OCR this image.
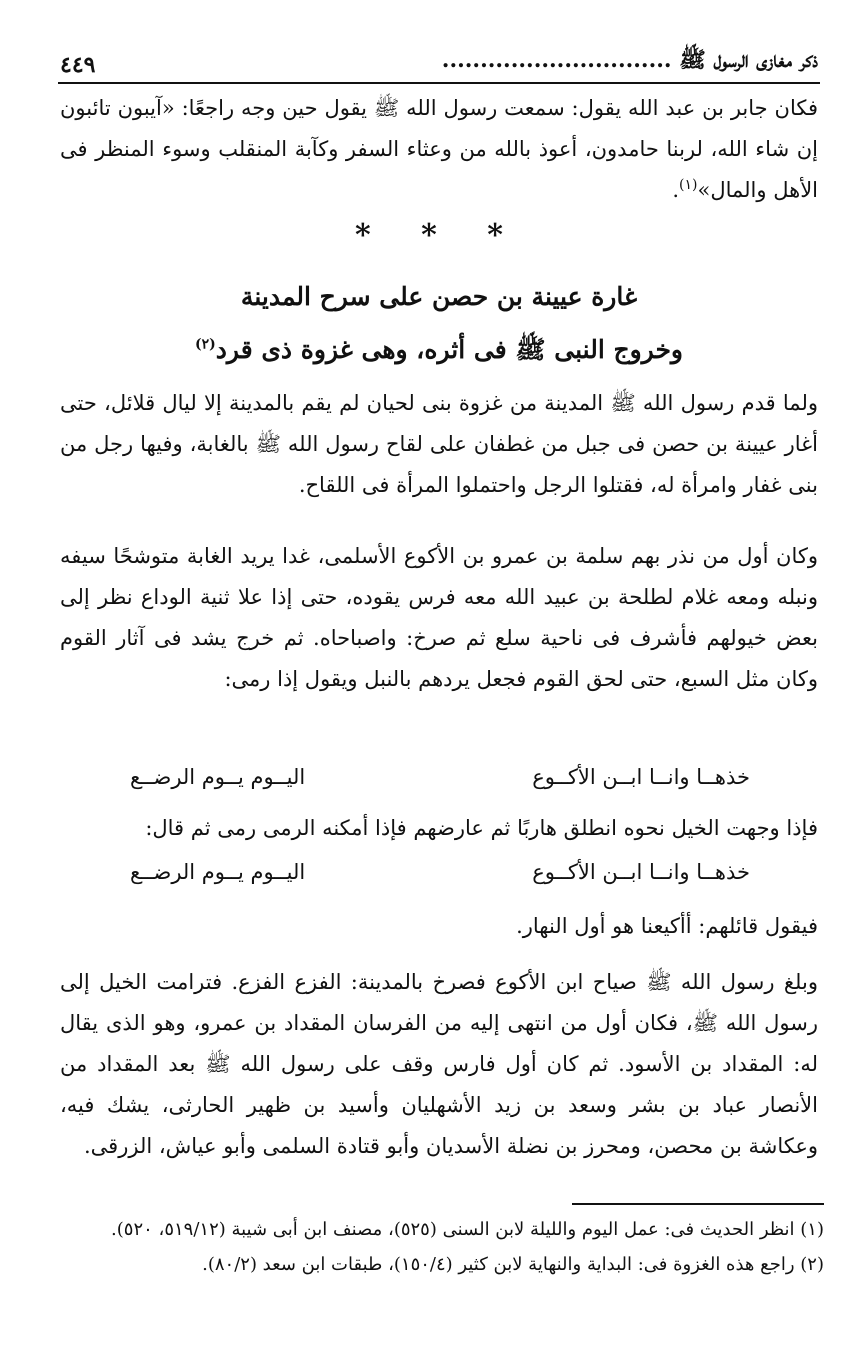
ذكر مغازى الرسول ﷺ ..............................
٤٤٩
فكان جابر بن عبد الله يقول: سمعت رسول الله ﷺ يقول حين وجه راجعًا: «آيبون تائبون إن شاء الله، لربنا حامدون، أعوذ بالله من وعثاء السفر وكآبة المنقلب وسوء المنظر فى الأهل والمال»$^{(١)}$.
* * *
غارة عيينة بن حصن على سرح المدينة
وخروج النبى ﷺ فى أثره، وهى غزوة ذى قرد$^{(٢)}$
ولما قدم رسول الله ﷺ المدينة من غزوة بنى لحيان لم يقم بالمدينة إلا ليال قلائل، حتى أغار عيينة بن حصن فى جبل من غطفان على لقاح رسول الله ﷺ بالغابة، وفيها رجل من بنى غفار وامرأة له، فقتلوا الرجل واحتملوا المرأة فى اللقاح.
وكان أول من نذر بهم سلمة بن عمرو بن الأكوع الأسلمى، غدا يريد الغابة متوشحًا سيفه ونبله ومعه غلام لطلحة بن عبيد الله معه فرس يقوده، حتى إذا علا ثنية الوداع نظر إلى بعض خيولهم فأشرف فى ناحية سلع ثم صرخ: واصباحاه. ثم خرج يشد فى آثار القوم وكان مثل السبع، حتى لحق القوم فجعل يردهم بالنبل ويقول إذا رمى:
خذهــا وانــا ابــن الأكــوع
اليــوم يــوم الرضــع
فإذا وجهت الخيل نحوه انطلق هاربًا ثم عارضهم فإذا أمكنه الرمى رمى ثم قال:
خذهــا وانــا ابــن الأكــوع
اليــوم يــوم الرضــع
فيقول قائلهم: أأكيعنا هو أول النهار.
وبلغ رسول الله ﷺ صياح ابن الأكوع فصرخ بالمدينة: الفزع الفزع. فترامت الخيل إلى رسول الله ﷺ، فكان أول من انتهى إليه من الفرسان المقداد بن عمرو، وهو الذى يقال له: المقداد بن الأسود. ثم كان أول فارس وقف على رسول الله ﷺ بعد المقداد من الأنصار عباد بن بشر وسعد بن زيد الأشهليان وأسيد بن ظهير الحارثى، يشك فيه، وعكاشة بن محصن، ومحرز بن نضلة الأسديان وأبو قتادة السلمى وأبو عياش، الزرقى.

(١) انظر الحديث فى: عمل اليوم والليلة لابن السنى (٥٢٥)، مصنف ابن أبى شيبة (٥١٩/١٢، ٥٢٠).

(٢) راجع هذه الغزوة فى: البداية والنهاية لابن كثير (١٥٠/٤)، طبقات ابن سعد (٨٠/٢).
